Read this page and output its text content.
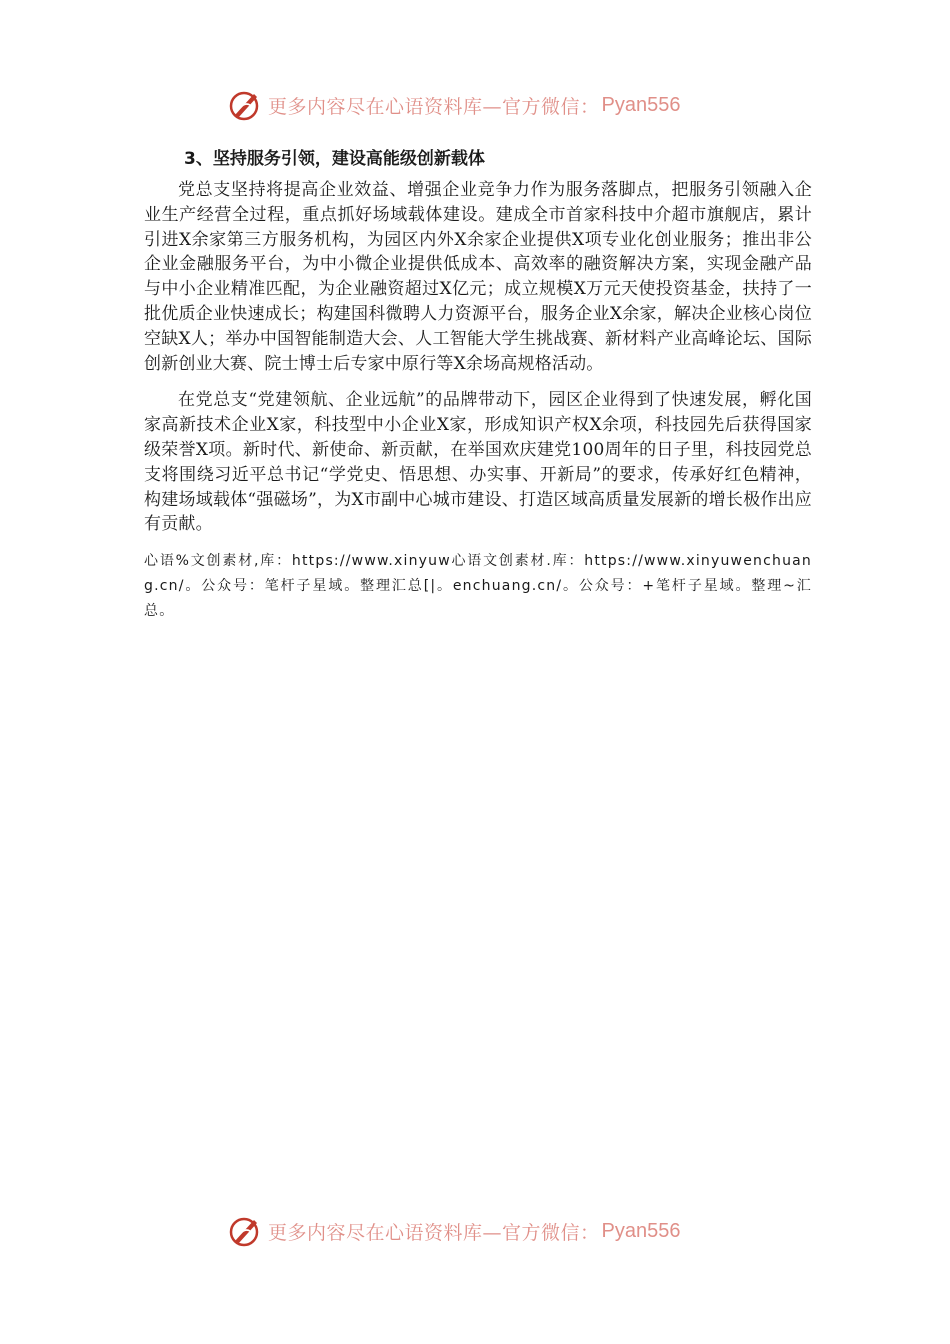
更多内容尽在心语资料库—官方微信： Pyan556
3、坚持服务引领，建设高能级创新载体

党总支坚持将提高企业效益、增强企业竞争力作为服务落脚点，把服务引领融入企业生产经营全过程，重点抓好场域载体建设。建成全市首家科技中介超市旗舰店，累计引进X余家第三方服务机构，为园区内外X余家企业提供X项专业化创业服务；推出非公企业金融服务平台，为中小微企业提供低成本、高效率的融资解决方案，实现金融产品与中小企业精准匹配，为企业融资超过X亿元；成立规模X万元天使投资基金，扶持了一批优质企业快速成长；构建国科微聘人力资源平台，服务企业X余家，解决企业核心岗位空缺X人；举办中国智能制造大会、人工智能大学生挑战赛、新材料产业高峰论坛、国际创新创业大赛、院士博士后专家中原行等X余场高规格活动。

在党总支“党建领航、企业远航”的品牌带动下，园区企业得到了快速发展，孵化国家高新技术企业X家，科技型中小企业X家，形成知识产权X余项，科技园先后获得国家级荣誉X项。新时代、新使命、新贡献，在举国欢庆建党100周年的日子里，科技园党总支将围绕习近平总书记“学党史、悟思想、办实事、开新局”的要求，传承好红色精神，构建场域载体“强磁场”，为X市副中心城市建设、打造区域高质量发展新的增长极作出应有贡献。

心语%文创素材,库：https://www.xinyuw心语文创素材.库：https://www.xinyuwenchuang.cn/。公众号：笔杆子星域。整理汇总[|。enchuang.cn/。公众号：+笔杆子星域。整理~汇总。

更多内容尽在心语资料库—官方微信： Pyan556
